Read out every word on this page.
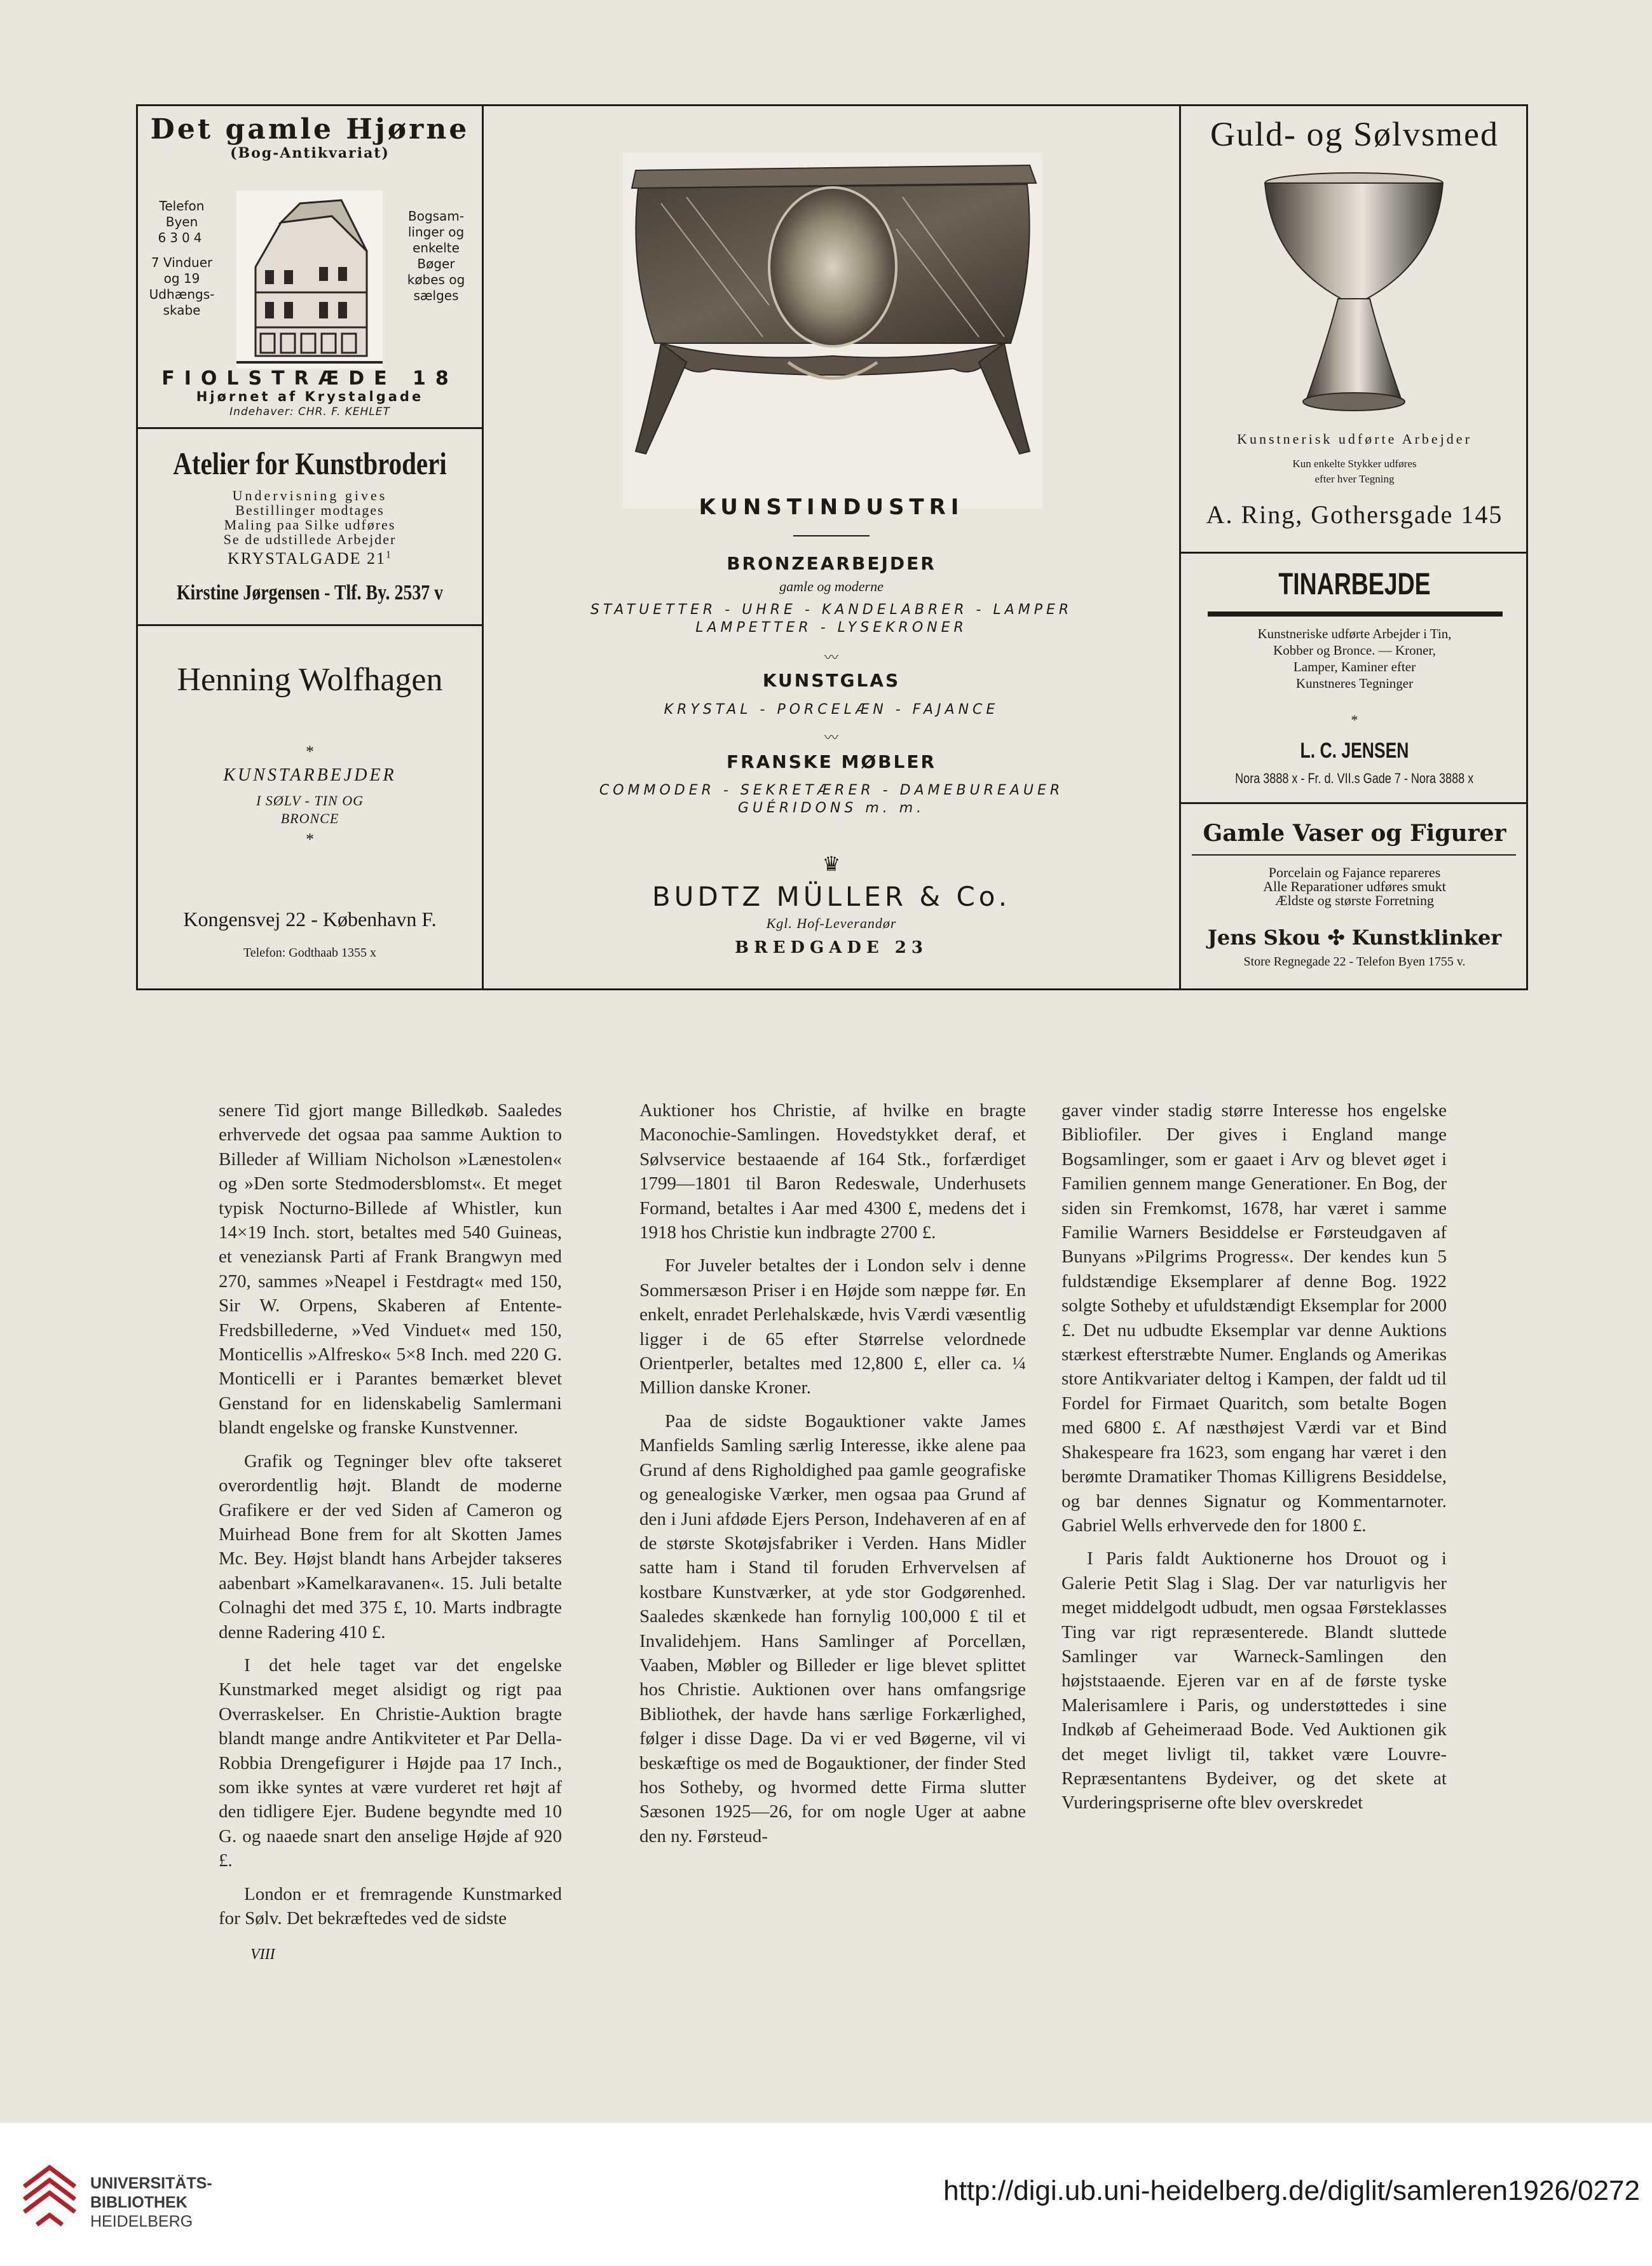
Det gamle Hjørne
(Bog-Antikvariat)
Telefon
Byen
6304
7 Vinduer
og 19
Udhængs-
skabe
Bogsam-
linger og
enkelte
Bøger
købes og
sælges
FIOLSTRÆDE 18
Hjørnet af Krystalgade
Indehaver: CHR. F. KEHLET
Atelier for Kunstbroderi
Undervisning gives
Bestillinger modtages
Maling paa Silke udføres
Se de udstillede Arbejder
KRYSTALGADE $21^1$
Kirstine Jørgensen - Tlf. By. 2537 v
Henning Wolfhagen
*
KUNSTARBEJDER
I SØLV - TIN OG
BRONCE
*
Kongensvej 22 - København F.
Telefon: Godthaab 1355 x
KUNSTINDUSTRI
BRONZEARBEJDER
gamle og moderne
STATUETTER - UHRE - KANDELABRER - LAMPER
LAMPETTER - LYSEKRONER
〰
KUNSTGLAS
KRYSTAL - PORCELÆN - FAJANCE
〰
FRANSKE MØBLER
COMMODER - SEKRETÆRER - DAMEBUREAUER
GUÉRIDONS m. m.
♛
BUDTZ MÜLLER & Co.
Kgl. Hof-Leverandør
BREDGADE 23
Guld- og Sølvsmed
Kunstnerisk udførte Arbejder
Kun enkelte Stykker udføres
efter hver Tegning
A. Ring, Gothersgade 145
TINARBEJDE
Kunstneriske udførte Arbejder i Tin,
Kobber og Bronce. — Kroner,
Lamper, Kaminer efter
Kunstneres Tegninger
*
L. C. JENSEN
Nora 3888 x - Fr. d. VII.s Gade 7 - Nora 3888 x
Gamle Vaser og Figurer
Porcelain og Fajance repareres
Alle Reparationer udføres smukt
Ældste og største Forretning
Jens Skou ✣ Kunstklinker
Store Regnegade 22 - Telefon Byen 1755 v.

senere Tid gjort mange Billedkøb. Saaledes erhvervede det ogsaa paa samme Auktion to Billeder af William Nicholson »Lænestolen« og »Den sorte Stedmodersblomst«. Et meget typisk Nocturno-Billede af Whistler, kun 14×19 Inch. stort, betaltes med 540 Guineas, et veneziansk Parti af Frank Brangwyn med 270, sammes »Neapel i Festdragt« med 150, Sir W. Orpens, Skaberen af Entente-Fredsbillederne, »Ved Vinduet« med 150, Monticellis »Alfresko« 5×8 Inch. med 220 G. Monticelli er i Parantes bemærket blevet Genstand for en lidenskabelig Samlermani blandt engelske og franske Kunstvenner.

Grafik og Tegninger blev ofte takseret overordentlig højt. Blandt de moderne Grafikere er der ved Siden af Cameron og Muirhead Bone frem for alt Skotten James Mc. Bey. Højst blandt hans Arbejder takseres aabenbart »Kamelkaravanen«. 15. Juli betalte Colnaghi det med 375 £, 10. Marts indbragte denne Radering 410 £.

I det hele taget var det engelske Kunstmarked meget alsidigt og rigt paa Overraskelser. En Christie-Auktion bragte blandt mange andre Antikviteter et Par Della-Robbia Drengefigurer i Højde paa 17 Inch., som ikke syntes at være vurderet ret højt af den tidligere Ejer. Budene begyndte med 10 G. og naaede snart den anselige Højde af 920 £.

London er et fremragende Kunstmarked for Sølv. Det bekræftedes ved de sidste

Auktioner hos Christie, af hvilke en bragte Maconochie-Samlingen. Hovedstykket deraf, et Sølvservice bestaaende af 164 Stk., forfærdiget 1799—1801 til Baron Redeswale, Underhusets Formand, betaltes i Aar med 4300 £, medens det i 1918 hos Christie kun indbragte 2700 £.

For Juveler betaltes der i London selv i denne Sommersæson Priser i en Højde som næppe før. En enkelt, enradet Perlehalskæde, hvis Værdi væsentlig ligger i de 65 efter Størrelse velordnede Orientperler, betaltes med 12,800 £, eller ca. ¼ Million danske Kroner.

Paa de sidste Bogauktioner vakte James Manfields Samling særlig Interesse, ikke alene paa Grund af dens Righoldighed paa gamle geografiske og genealogiske Værker, men ogsaa paa Grund af den i Juni afdøde Ejers Person, Indehaveren af en af de største Skotøjsfabriker i Verden. Hans Midler satte ham i Stand til foruden Erhvervelsen af kostbare Kunstværker, at yde stor Godgørenhed. Saaledes skænkede han fornylig 100,000 £ til et Invalidehjem. Hans Samlinger af Porcellæn, Vaaben, Møbler og Billeder er lige blevet splittet hos Christie. Auktionen over hans omfangsrige Bibliothek, der havde hans særlige Forkærlighed, følger i disse Dage. Da vi er ved Bøgerne, vil vi beskæftige os med de Bogauktioner, der finder Sted hos Sotheby, og hvormed dette Firma slutter Sæsonen 1925—26, for om nogle Uger at aabne den ny. Førsteud-

gaver vinder stadig større Interesse hos engelske Bibliofiler. Der gives i England mange Bogsamlinger, som er gaaet i Arv og blevet øget i Familien gennem mange Generationer. En Bog, der siden sin Fremkomst, 1678, har været i samme Familie Warners Besiddelse er Førsteudgaven af Bunyans »Pilgrims Progress«. Der kendes kun 5 fuldstændige Eksemplarer af denne Bog. 1922 solgte Sotheby et ufuldstændigt Eksemplar for 2000 £. Det nu udbudte Eksemplar var denne Auktions stærkest efterstræbte Numer. Englands og Amerikas store Antikvariater deltog i Kampen, der faldt ud til Fordel for Firmaet Quaritch, som betalte Bogen med 6800 £. Af næsthøjest Værdi var et Bind Shakespeare fra 1623, som engang har været i den berømte Dramatiker Thomas Killigrens Besiddelse, og bar dennes Signatur og Kommentarnoter. Gabriel Wells erhvervede den for 1800 £.

I Paris faldt Auktionerne hos Drouot og i Galerie Petit Slag i Slag. Der var naturligvis her meget middelgodt udbudt, men ogsaa Førsteklasses Ting var rigt repræsenterede. Blandt sluttede Samlinger var Warneck-Samlingen den højststaaende. Ejeren var en af de første tyske Malerisamlere i Paris, og understøttedes i sine Indkøb af Geheimeraad Bode. Ved Auktionen gik det meget livligt til, takket være Louvre-Repræsentantens Bydeiver, og det skete at Vurderingspriserne ofte blev overskredet

VIII
UNIVERSITÄTS-
BIBLIOTHEK
HEIDELBERG
http://digi.ub.uni-heidelberg.de/diglit/samleren1926/0272
